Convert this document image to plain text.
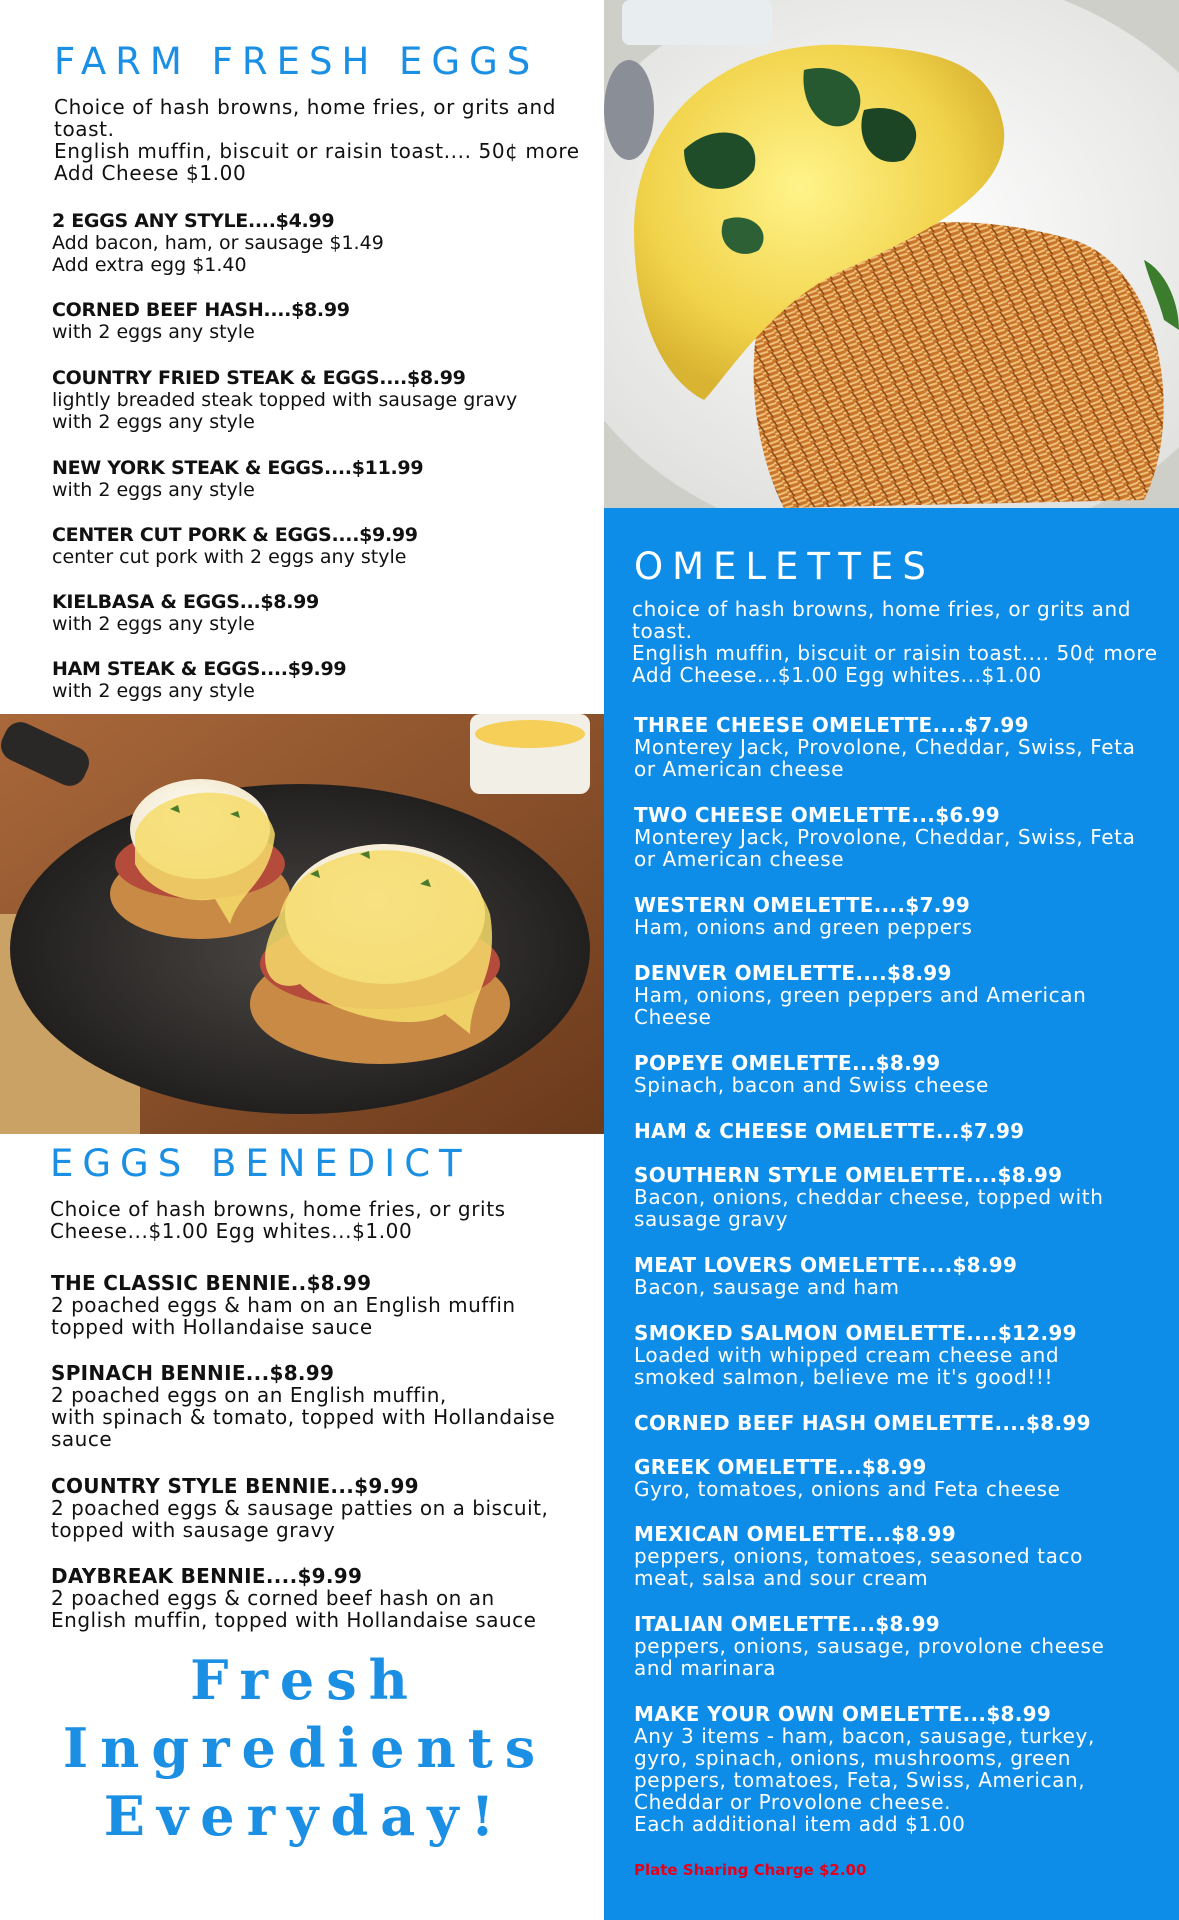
FARM FRESH EGGS
Choice of hash browns, home fries, or grits and toast.
English muffin, biscuit or raisin toast.... 50¢ more
Add Cheese $1.00
2 EGGS ANY STYLE....$4.99
Add bacon, ham, or sausage $1.49
Add extra egg $1.40
CORNED BEEF HASH....$8.99
with 2 eggs any style
COUNTRY FRIED STEAK & EGGS....$8.99
lightly breaded steak topped with sausage gravy
with 2 eggs any style
NEW YORK STEAK & EGGS....$11.99
with 2 eggs any style
CENTER CUT PORK & EGGS....$9.99
center cut pork with 2 eggs any style
KIELBASA & EGGS...$8.99
with 2 eggs any style
HAM STEAK & EGGS....$9.99
with 2 eggs any style
EGGS BENEDICT
Choice of hash browns, home fries, or grits
Cheese...$1.00 Egg whites...$1.00
THE CLASSIC BENNIE..$8.99
2 poached eggs & ham on an English muffin
topped with Hollandaise sauce
SPINACH BENNIE...$8.99
2 poached eggs on an English muffin,
with spinach & tomato, topped with Hollandaise
sauce
COUNTRY STYLE BENNIE...$9.99
2 poached eggs & sausage patties on a biscuit,
topped with sausage gravy
DAYBREAK BENNIE....$9.99
2 poached eggs & corned beef hash on an
English muffin, topped with Hollandaise sauce
Fresh
Ingredients
Everyday!
OMELETTES
choice of hash browns, home fries, or grits and toast.
English muffin, biscuit or raisin toast.... 50¢ more
Add Cheese...$1.00 Egg whites...$1.00
THREE CHEESE OMELETTE....$7.99
Monterey Jack, Provolone, Cheddar, Swiss, Feta
or American cheese
TWO CHEESE OMELETTE...$6.99
Monterey Jack, Provolone, Cheddar, Swiss, Feta
or American cheese
WESTERN OMELETTE....$7.99
Ham, onions and green peppers
DENVER OMELETTE....$8.99
Ham, onions, green peppers and American
Cheese
POPEYE OMELETTE...$8.99
Spinach, bacon and Swiss cheese
HAM & CHEESE OMELETTE...$7.99
SOUTHERN STYLE OMELETTE....$8.99
Bacon, onions, cheddar cheese, topped with
sausage gravy
MEAT LOVERS OMELETTE....$8.99
Bacon, sausage and ham
SMOKED SALMON OMELETTE....$12.99
Loaded with whipped cream cheese and
smoked salmon, believe me it's good!!!
CORNED BEEF HASH OMELETTE....$8.99
GREEK OMELETTE...$8.99
Gyro, tomatoes, onions and Feta cheese
MEXICAN OMELETTE...$8.99
peppers, onions, tomatoes, seasoned taco
meat, salsa and sour cream
ITALIAN OMELETTE...$8.99
peppers, onions, sausage, provolone cheese
and marinara
MAKE YOUR OWN OMELETTE...$8.99
Any 3 items - ham, bacon, sausage, turkey,
gyro, spinach, onions, mushrooms, green
peppers, tomatoes, Feta, Swiss, American,
Cheddar or Provolone cheese.
Each additional item add $1.00
Plate Sharing Charge $2.00
